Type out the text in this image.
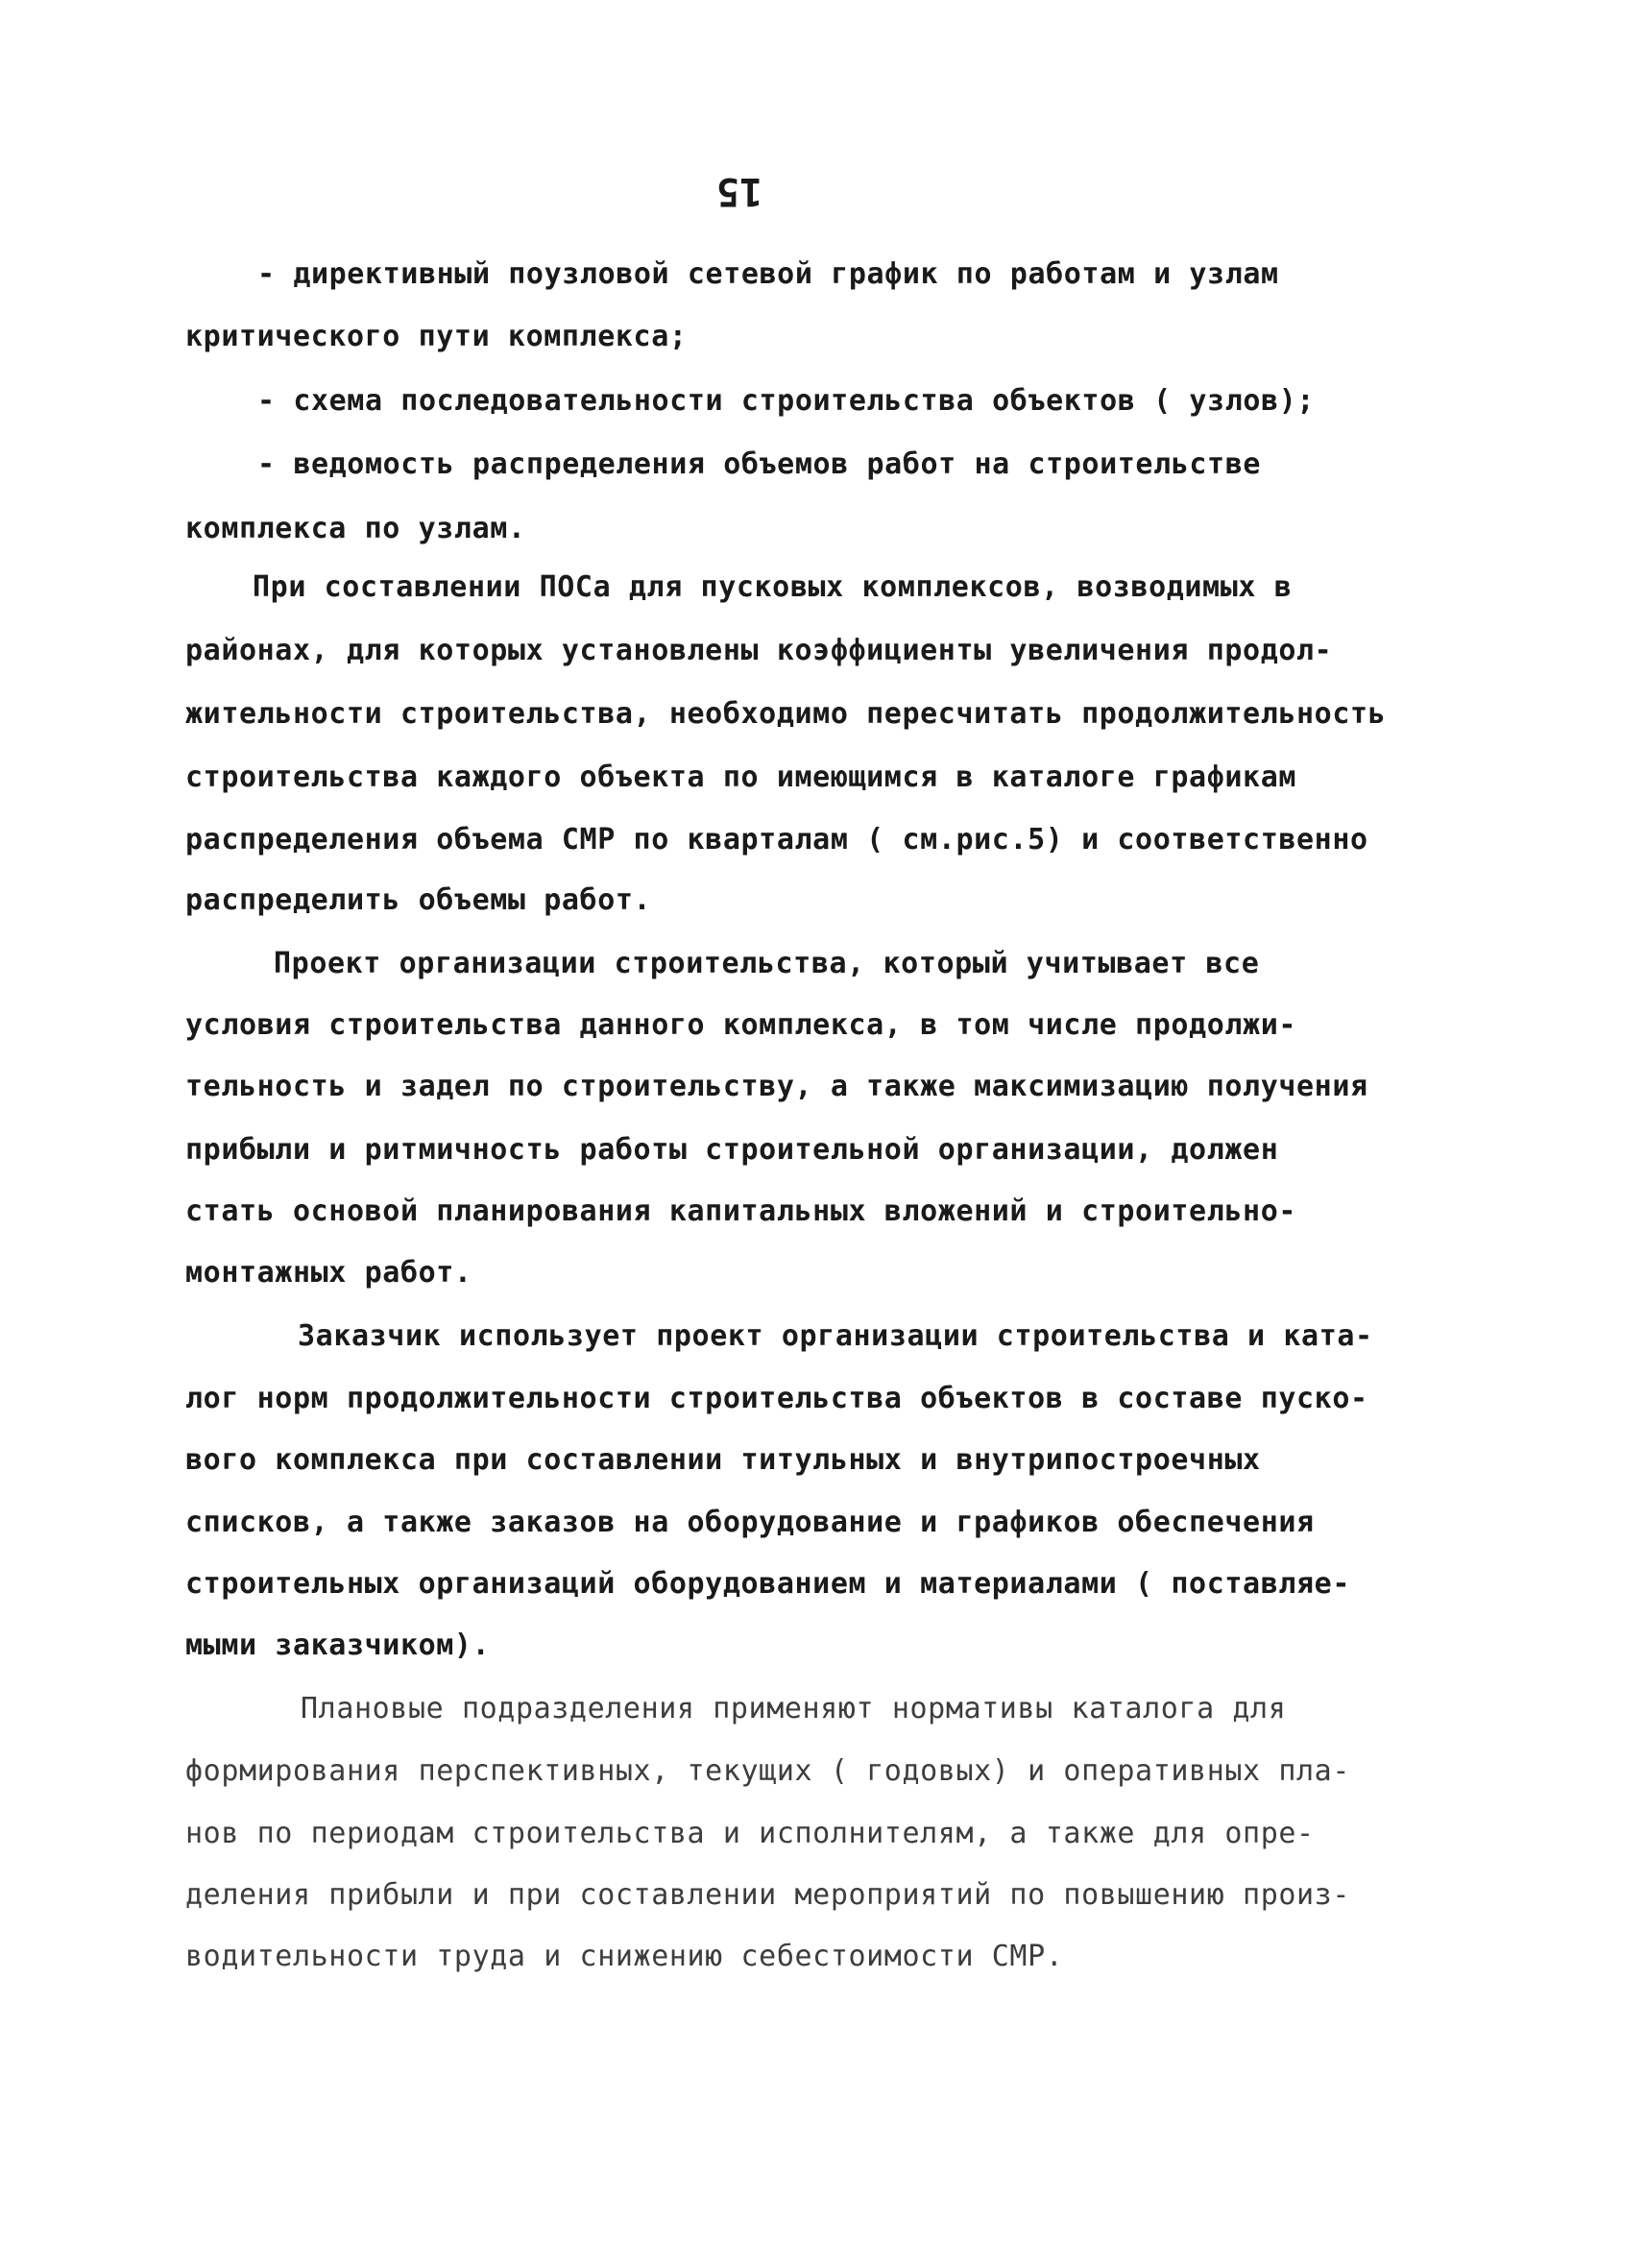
15
- директивный поузловой сетевой график по работам и узлам
критического пути комплекса;
- схема последовательности строительства объектов ( узлов);
- ведомость распределения объемов работ на строительстве
комплекса по узлам.
При составлении ПОСа для пусковых комплексов, возводимых в
районах, для которых установлены коэффициенты увеличения продол-
жительности строительства, необходимо пересчитать продолжительность
строительства каждого объекта по имеющимся в каталоге графикам
распределения объема СМР по кварталам ( см.рис.5) и соответственно
распределить объемы работ.
Проект организации строительства, который учитывает все
условия строительства данного комплекса, в том числе продолжи-
тельность и задел по строительству, а также максимизацию получения
прибыли и ритмичность работы строительной организации, должен
стать основой планирования капитальных вложений и строительно-
монтажных работ.
Заказчик использует проект организации строительства и ката-
лог норм продолжительности строительства объектов в составе пуско-
вого комплекса при составлении титульных и внутрипостроечных
списков, а также заказов на оборудование и графиков обеспечения
строительных организаций оборудованием и материалами ( поставляе-
мыми заказчиком).
Плановые подразделения применяют нормативы каталога для
формирования перспективных, текущих ( годовых) и оперативных пла-
нов по периодам строительства и исполнителям, а также для опре-
деления прибыли и при составлении мероприятий по повышению произ-
водительности труда и снижению себестоимости СМР.
